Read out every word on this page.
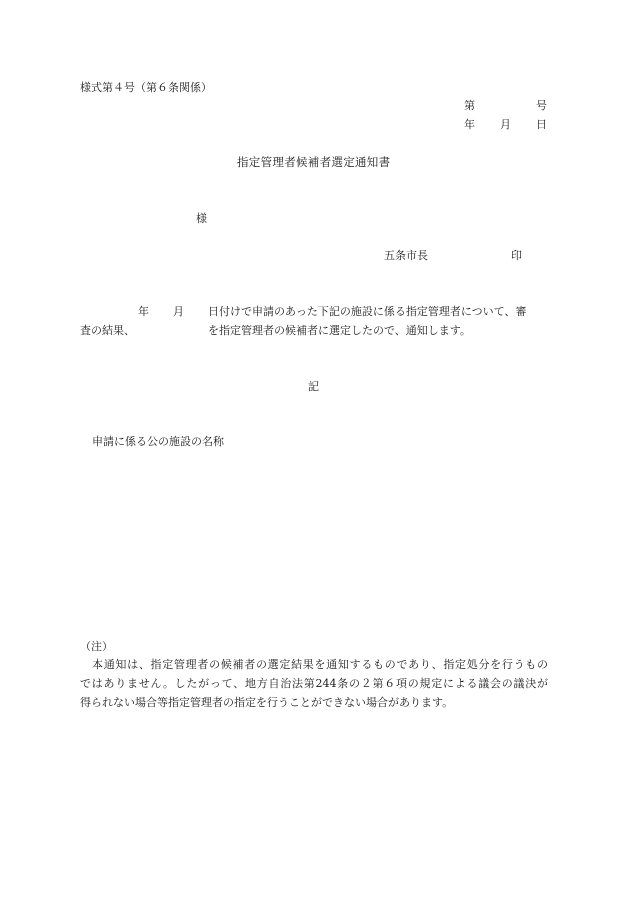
様式第４号（第６条関係）
第	号
年 月 日
指定管理者候補者選定通知書
様
五条市長	印
年 月 日付けで申請のあった下記の施設に係る指定管理者について、審
査の結果、	を指定管理者の候補者に選定したので、通知します。
記
申請に係る公の施設の名称
（注）
本通知は、指定管理者の候補者の選定結果を通知するものであり、指定処分を行うもの
ではありません。したがって、地方自治法第244条の２第６項の規定による議会の議決が
得られない場合等指定管理者の指定を行うことができない場合があります。
